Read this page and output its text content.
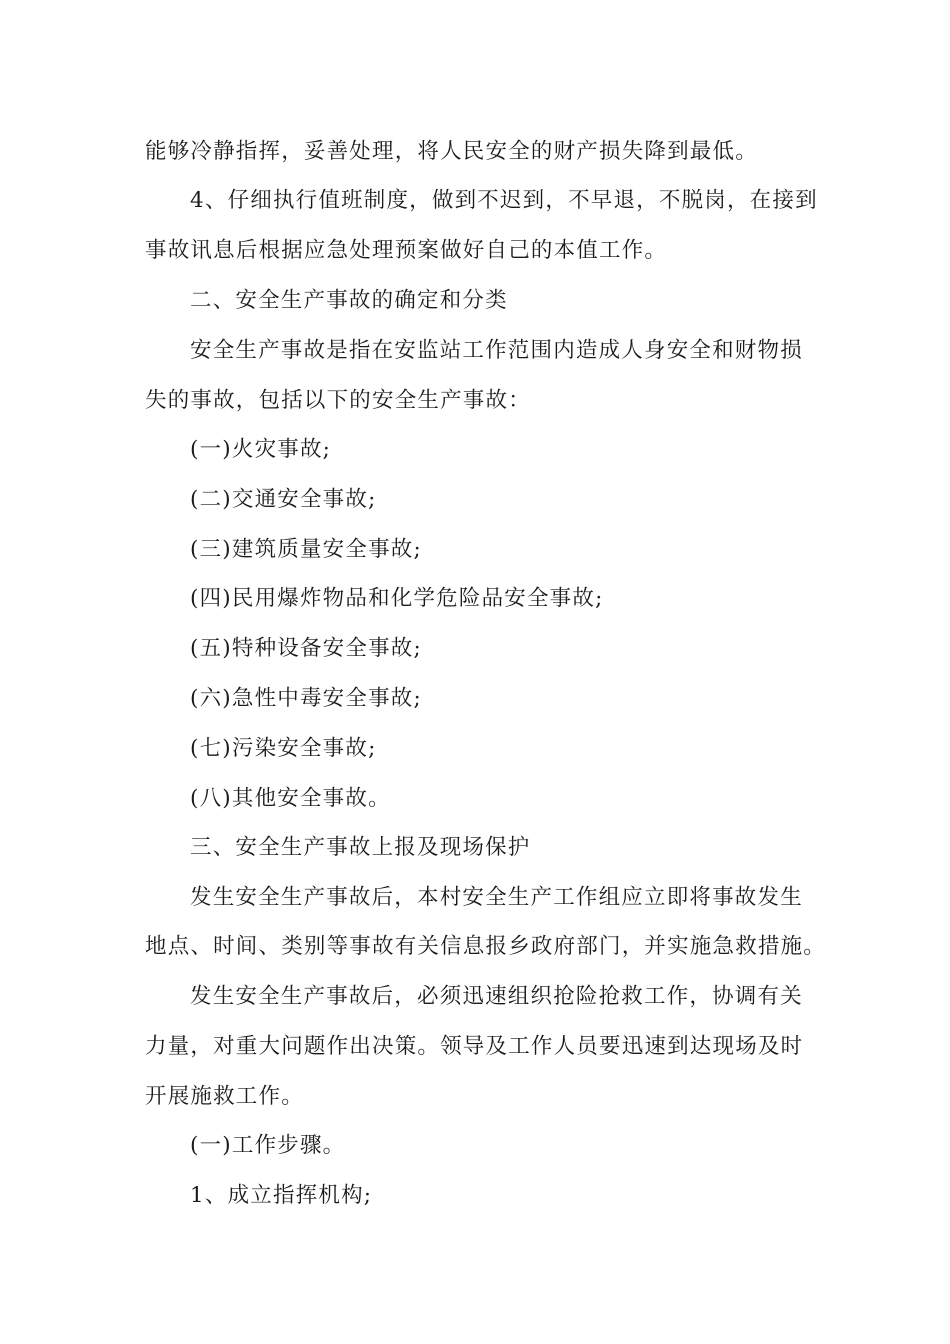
能够冷静指挥，妥善处理，将人民安全的财产损失降到最低。
4、仔细执行值班制度，做到不迟到，不早退，不脱岗，在接到
事故讯息后根据应急处理预案做好自己的本值工作。
二、安全生产事故的确定和分类
安全生产事故是指在安监站工作范围内造成人身安全和财物损
失的事故，包括以下的安全生产事故：
(一)火灾事故;
(二)交通安全事故;
(三)建筑质量安全事故;
(四)民用爆炸物品和化学危险品安全事故;
(五)特种设备安全事故;
(六)急性中毒安全事故;
(七)污染安全事故;
(八)其他安全事故。
三、安全生产事故上报及现场保护
发生安全生产事故后，本村安全生产工作组应立即将事故发生
地点、时间、类别等事故有关信息报乡政府部门，并实施急救措施。
发生安全生产事故后，必须迅速组织抢险抢救工作，协调有关
力量，对重大问题作出决策。领导及工作人员要迅速到达现场及时
开展施救工作。
(一)工作步骤。
1、成立指挥机构;
